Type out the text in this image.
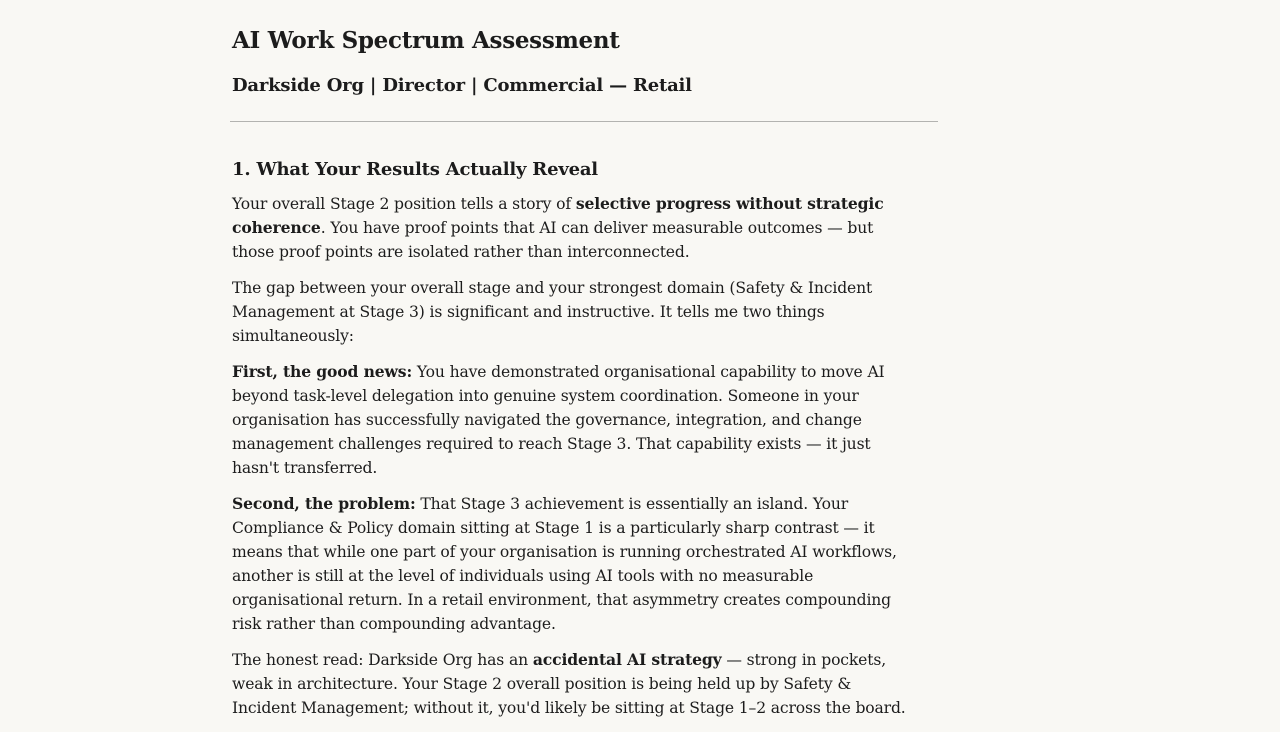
AI Work Spectrum Assessment
Darkside Org | Director | Commercial — Retail
1. What Your Results Actually Reveal

Your overall Stage 2 position tells a story of selective progress without strategic coherence. You have proof points that AI can deliver measurable outcomes — but those proof points are isolated rather than interconnected.

The gap between your overall stage and your strongest domain (Safety & Incident Management at Stage 3) is significant and instructive. It tells me two things simultaneously:

First, the good news: You have demonstrated organisational capability to move AI beyond task-level delegation into genuine system coordination. Someone in your organisation has successfully navigated the governance, integration, and change management challenges required to reach Stage 3. That capability exists — it just hasn't transferred.

Second, the problem: That Stage 3 achievement is essentially an island. Your Compliance & Policy domain sitting at Stage 1 is a particularly sharp contrast — it means that while one part of your organisation is running orchestrated AI workflows, another is still at the level of individuals using AI tools with no measurable organisational return. In a retail environment, that asymmetry creates compounding risk rather than compounding advantage.

The honest read: Darkside Org has an accidental AI strategy — strong in pockets, weak in architecture. Your Stage 2 overall position is being held up by Safety & Incident Management; without it, you'd likely be sitting at Stage 1–2 across the board.
